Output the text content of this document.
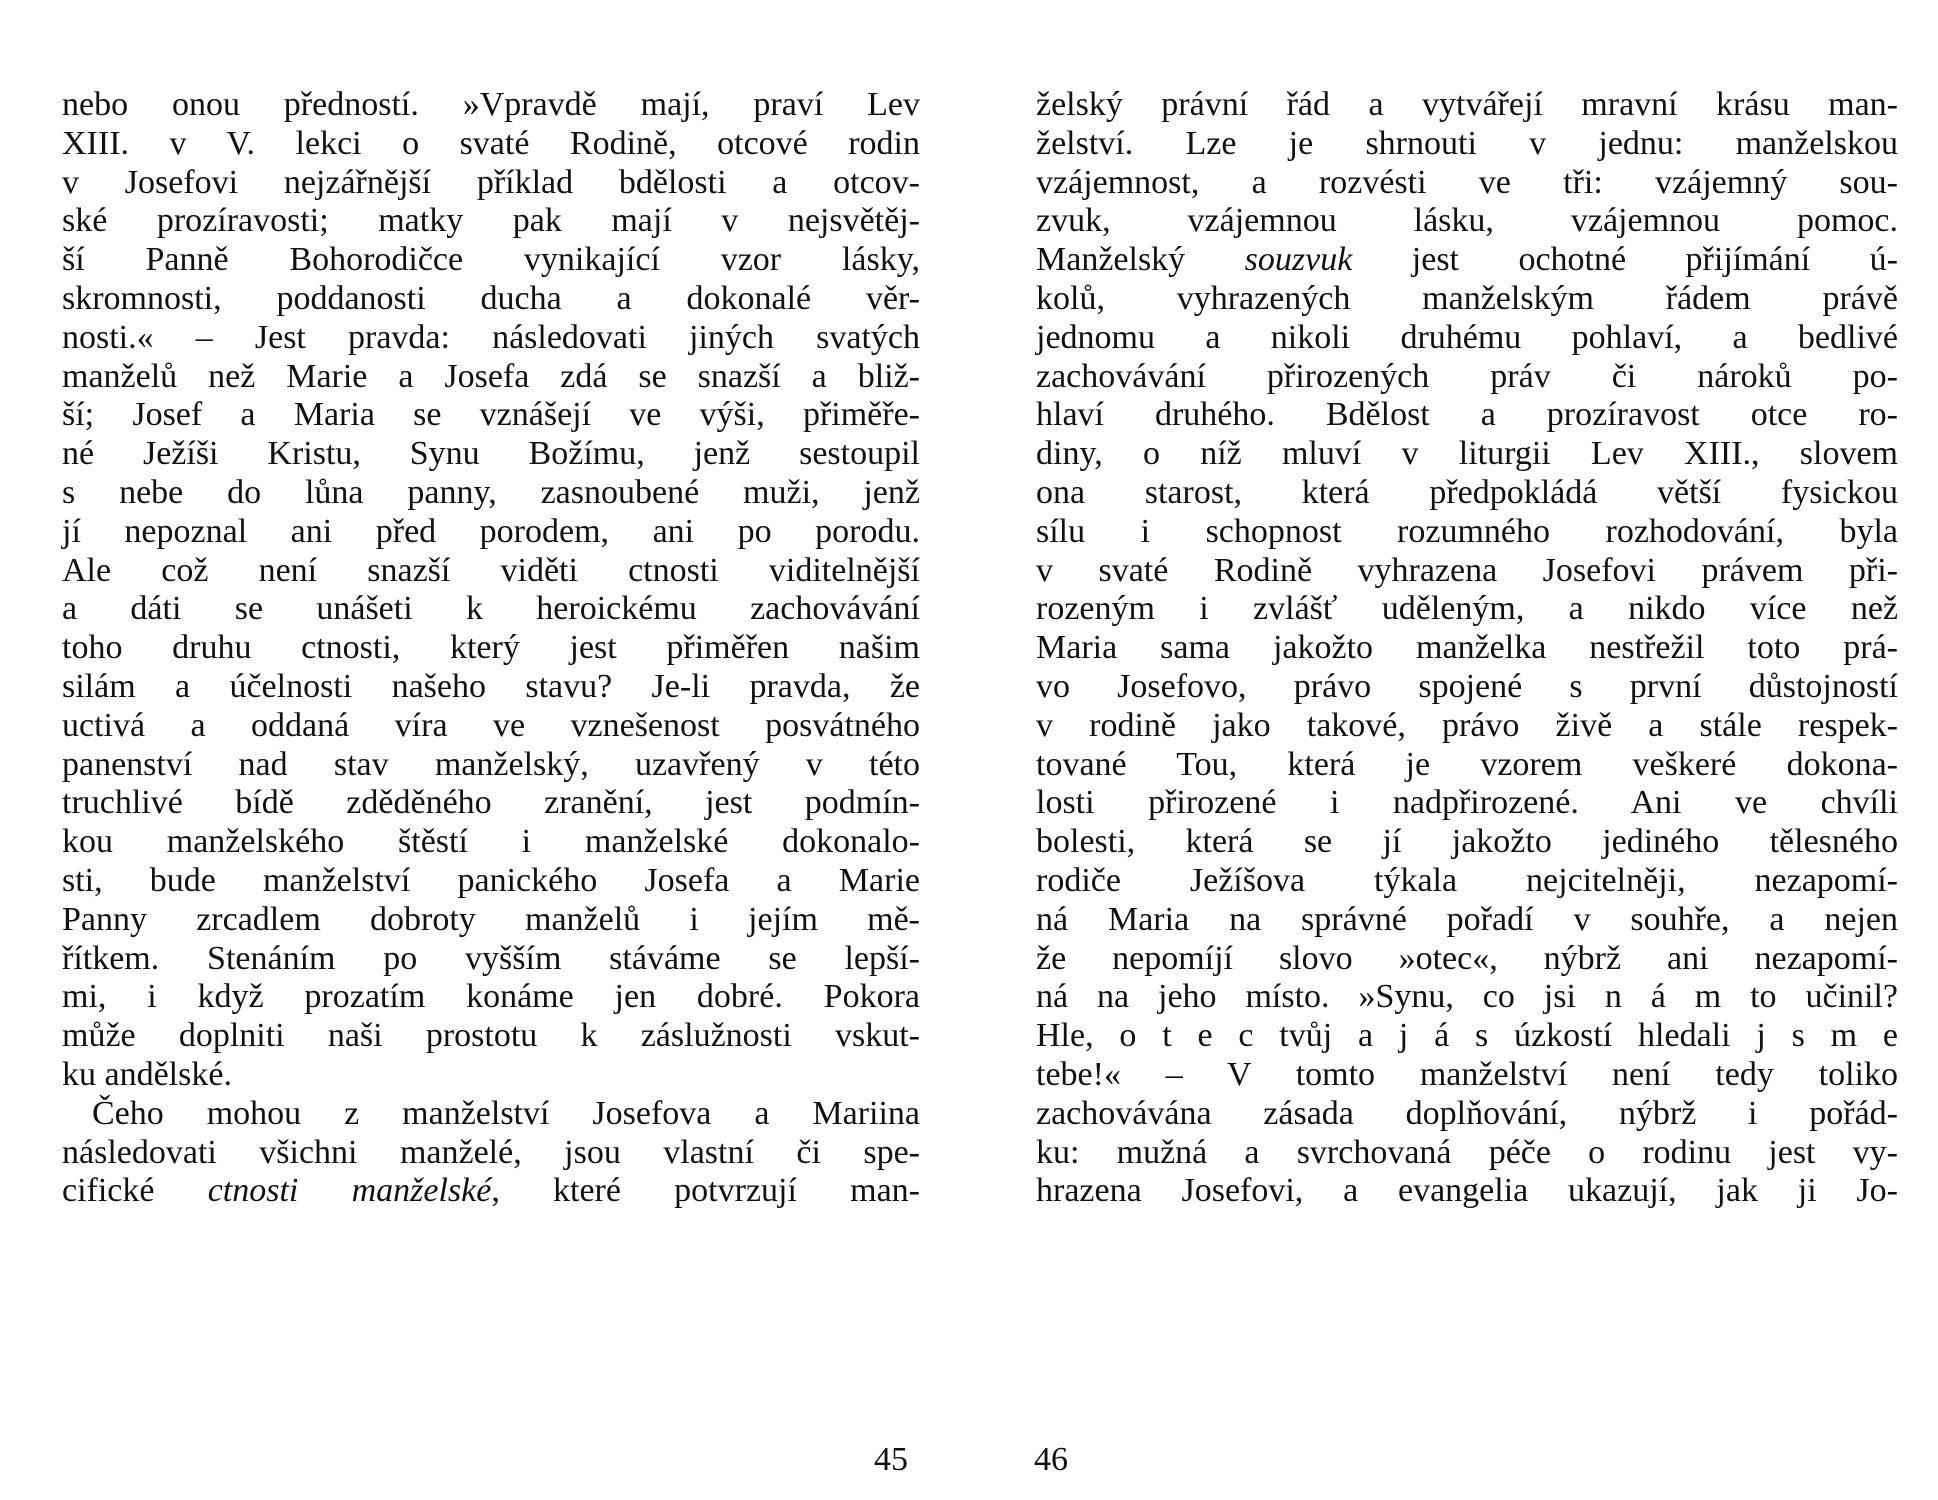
nebo onou předností. »Vpravdě mají, praví Lev
XIII. v V. lekci o svaté Rodině, otcové rodin
v Josefovi nejzářnější příklad bdělosti a otcov-
ské prozíravosti; matky pak mají v nejsvětěj-
ší Panně Bohorodičce vynikající vzor lásky,
skromnosti, poddanosti ducha a dokonalé věr-
nosti.« – Jest pravda: následovati jiných svatých
manželů než Marie a Josefa zdá se snazší a bliž-
ší; Josef a Maria se vznášejí ve výši, přiměře-
né Ježíši Kristu, Synu Božímu, jenž sestoupil
s nebe do lůna panny, zasnoubené muži, jenž
jí nepoznal ani před porodem, ani po porodu.
Ale což není snazší viděti ctnosti viditelnější
a dáti se unášeti k heroickému zachovávání
toho druhu ctnosti, který jest přiměřen našim
silám a účelnosti našeho stavu? Je-li pravda, že
uctivá a oddaná víra ve vznešenost posvátného
panenství nad stav manželský, uzavřený v této
truchlivé bídě zděděného zranění, jest podmín-
kou manželského štěstí i manželské dokonalo-
sti, bude manželství panického Josefa a Marie
Panny zrcadlem dobroty manželů i jejím mě-
řítkem. Stenáním po vyšším stáváme se lepší-
mi, i když prozatím konáme jen dobré. Pokora
může doplniti naši prostotu k záslužnosti vskut-
ku andělské.
Čeho mohou z manželství Josefova a Mariina
následovati všichni manželé, jsou vlastní či spe-
cifické ctnosti manželské, které potvrzují man-
želský právní řád a vytvářejí mravní krásu man-
želství. Lze je shrnouti v jednu: manželskou
vzájemnost, a rozvésti ve tři: vzájemný sou-
zvuk, vzájemnou lásku, vzájemnou pomoc.
Manželský souzvuk jest ochotné přijímání ú-
kolů, vyhrazených manželským řádem právě
jednomu a nikoli druhému pohlaví, a bedlivé
zachovávání přirozených práv či nároků po-
hlaví druhého. Bdělost a prozíravost otce ro-
diny, o níž mluví v liturgii Lev XIII., slovem
ona starost, která předpokládá větší fysickou
sílu i schopnost rozumného rozhodování, byla
v svaté Rodině vyhrazena Josefovi právem při-
rozeným i zvlášť uděleným, a nikdo více než
Maria sama jakožto manželka nestřežil toto prá-
vo Josefovo, právo spojené s první důstojností
v rodině jako takové, právo živě a stále respek-
tované Tou, která je vzorem veškeré dokona-
losti přirozené i nadpřirozené. Ani ve chvíli
bolesti, která se jí jakožto jediného tělesného
rodiče Ježíšova týkala nejcitelněji, nezapomí-
ná Maria na správné pořadí v souhře, a nejen
že nepomíjí slovo »otec«, nýbrž ani nezapomí-
ná na jeho místo. »Synu, co jsi n á m to učinil?
Hle, o t e c tvůj a j á s úzkostí hledali j s m e
tebe!« – V tomto manželství není tedy toliko
zachovávána zásada doplňování, nýbrž i pořád-
ku: mužná a svrchovaná péče o rodinu jest vy-
hrazena Josefovi, a evangelia ukazují, jak ji Jo-
45	46
